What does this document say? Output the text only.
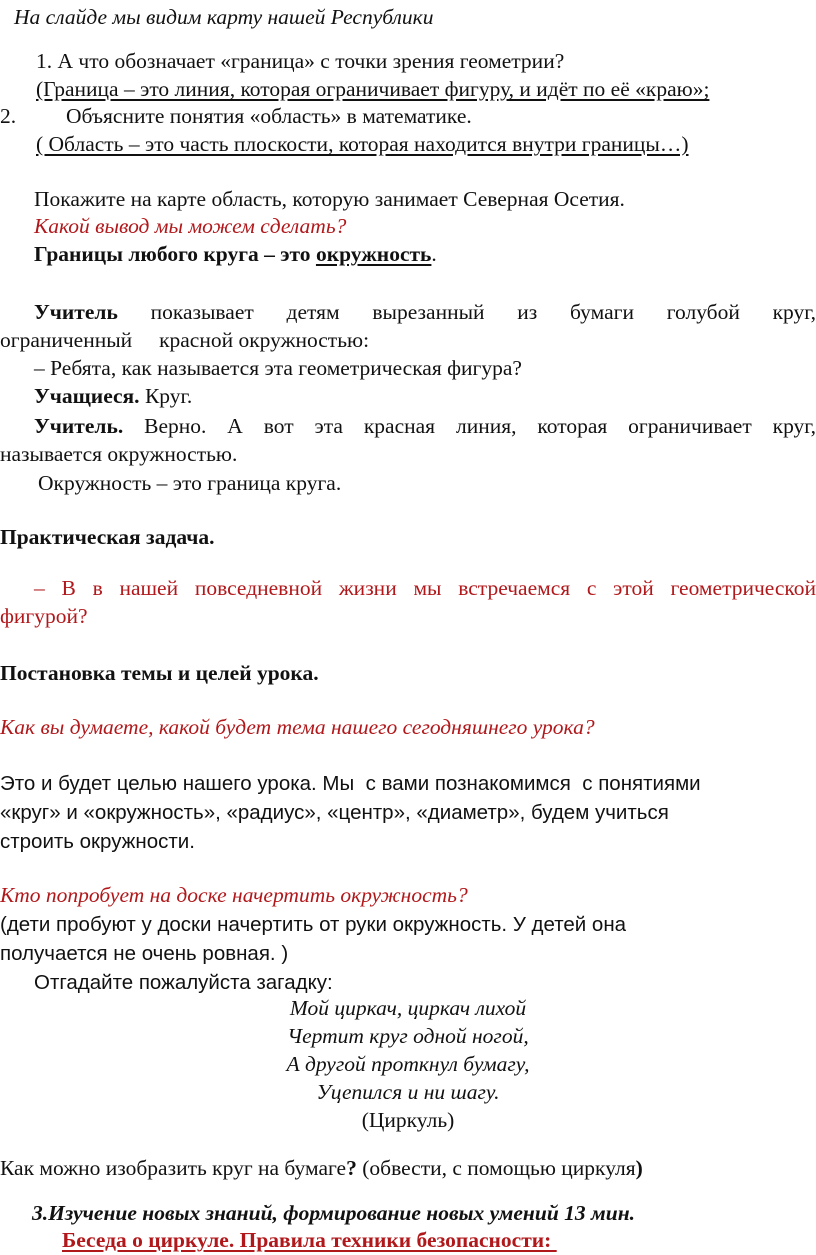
На слайде мы видим карту нашей Республики
1. А что обозначает «граница» с точки зрения геометрии?
(Граница – это линия, которая ограничивает фигуру, и идёт по её «краю»;
2. Объясните понятия «область» в математике.
( Область – это часть плоскости, которая находится внутри границы…)
Покажите на карте область, которую занимает Северная Осетия.
Какой вывод мы можем сделать?
Границы любого круга – это окружность.
Учитель показывает детям вырезанный из бумаги голубой круг,
ограниченный     красной окружностью:
– Ребята, как называется эта геометрическая фигура?
Учащиеся. Круг.
Учитель. Верно. А вот эта красная линия, которая ограничивает круг,
называется окружностью.
Окружность – это граница круга.
Практическая задача.
– В в нашей повседневной жизни мы встречаемся с этой геометрической
фигурой?
Постановка темы и целей урока.
Как вы думаете, какой будет тема нашего сегодняшнего урока?
Это и будет целью нашего урока. Мы  с вами познакомимся  с понятиями
«круг» и «окружность», «радиус», «центр», «диаметр», будем учиться
строить окружности.
Кто попробует на доске начертить окружность?
(дети пробуют у доски начертить от руки окружность. У детей она
получается не очень ровная. )
Отгадайте пожалуйста загадку:
Мой циркач, циркач лихой
Чертит круг одной ногой,
А другой проткнул бумагу,
Уцепился и ни шагу.
(Циркуль)
Как можно изобразить круг на бумаге? (обвести, с помощью циркуля)
3.Изучение новых знаний, формирование новых умений 13 мин.
Беседа о циркуле. Правила техники безопасности:
